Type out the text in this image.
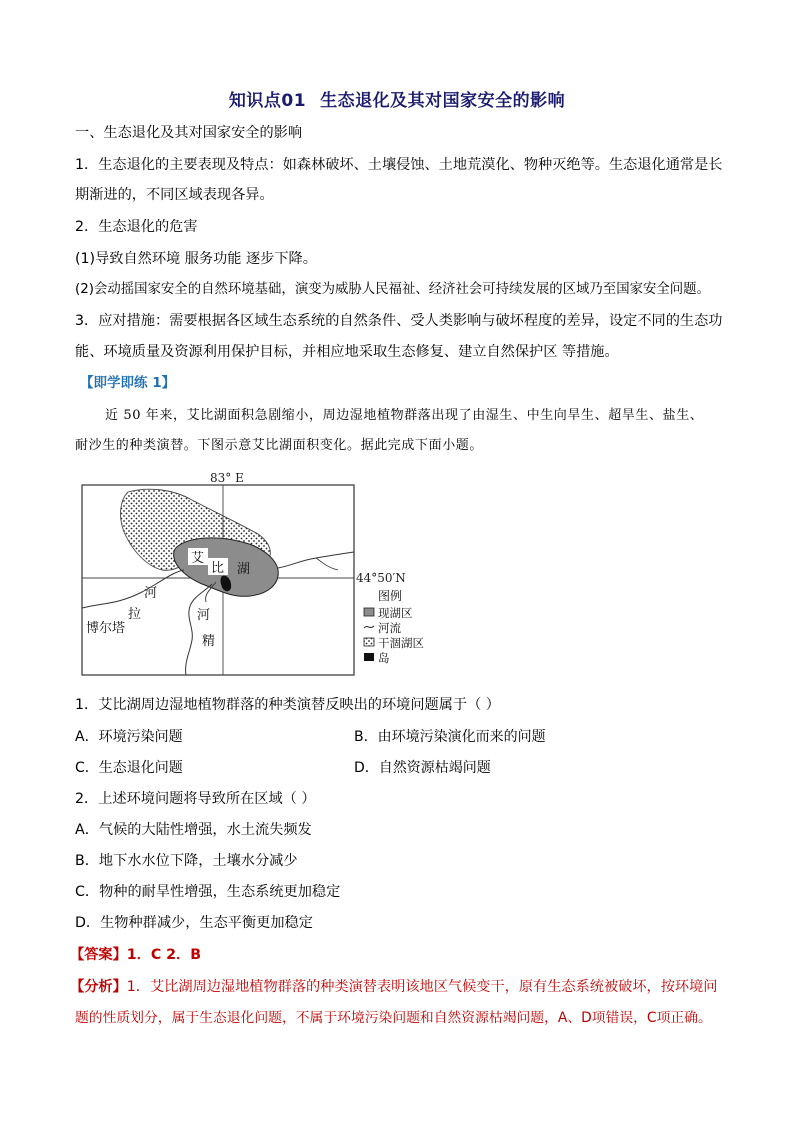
知识点01 生态退化及其对国家安全的影响
一、生态退化及其对国家安全的影响
1．生态退化的主要表现及特点：如森林破坏、土壤侵蚀、土地荒漠化、物种灭绝等。生态退化通常是长
期渐进的，不同区域表现各异。
2．生态退化的危害
(1)导致自然环境 服务功能 逐步下降。
(2)会动摇国家安全的自然环境基础，演变为威胁人民福祉、经济社会可持续发展的区域乃至国家安全问题。
3．应对措施：需要根据各区域生态系统的自然条件、受人类影响与破坏程度的差异，设定不同的生态功
能、环境质量及资源利用保护目标，并相应地采取生态修复、建立自然保护区 等措施。
【即学即练 1】
近 50 年来，艾比湖面积急剧缩小，周边湿地植物群落出现了由湿生、中生向旱生、超旱生、盐生、
耐沙生的种类演替。下图示意艾比湖面积变化。据此完成下面小题。
83° E
44°50′N
艾
比 湖
博尔塔
拉
河
河
精
图例
现湖区
河流
干涸湖区
岛
1．艾比湖周边湿地植物群落的种类演替反映出的环境问题属于（ ）
A．环境污染问题	B．由环境污染演化而来的问题
C．生态退化问题	D．自然资源枯竭问题
2．上述环境问题将导致所在区域（ ）
A．气候的大陆性增强，水土流失频发
B．地下水水位下降，土壤水分减少
C．物种的耐旱性增强，生态系统更加稳定
D．生物种群减少，生态平衡更加稳定
【答案】1．C 2．B
【分析】1．艾比湖周边湿地植物群落的种类演替表明该地区气候变干，原有生态系统被破坏，按环境问
题的性质划分，属于生态退化问题，不属于环境污染问题和自然资源枯竭问题，A、D项错误，C项正确。
